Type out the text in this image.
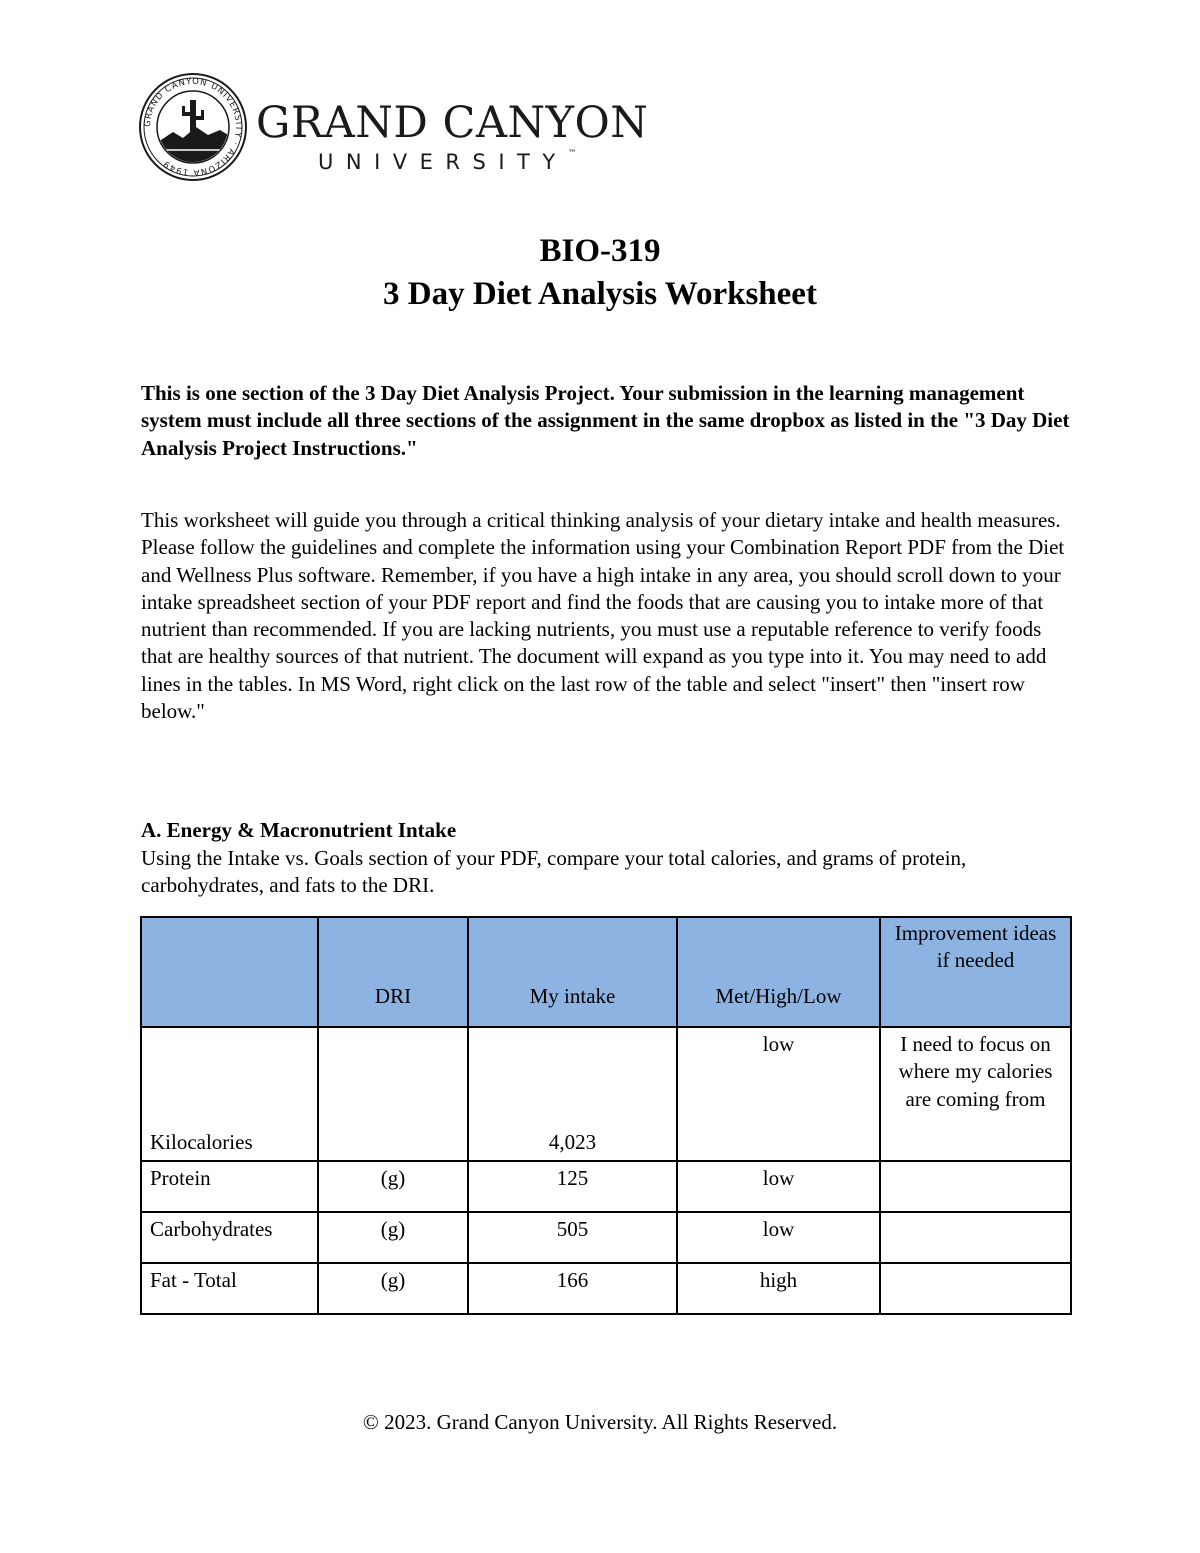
GRAND CANYON UNIVERSITY · ARIZONA 1949
GRAND CANYON
UNIVERSITY™
BIO-319
3 Day Diet Analysis Worksheet
This is one section of the 3 Day Diet Analysis Project. Your submission in the learning management system must include all three sections of the assignment in the same dropbox as listed in the "3 Day Diet Analysis Project Instructions."
This worksheet will guide you through a critical thinking analysis of your dietary intake and health measures. Please follow the guidelines and complete the information using your Combination Report PDF from the Diet and Wellness Plus software. Remember, if you have a high intake in any area, you should scroll down to your intake spreadsheet section of your PDF report and find the foods that are causing you to intake more of that nutrient than recommended. If you are lacking nutrients, you must use a reputable reference to verify foods that are healthy sources of that nutrient. The document will expand as you type into it. You may need to add lines in the tables. In MS Word, right click on the last row of the table and select "insert" then "insert row below."
A. Energy & Macronutrient Intake
Using the Intake vs. Goals section of your PDF, compare your total calories, and grams of protein, carbohydrates, and fats to the DRI.
	DRI	My intake	Met/High/Low	Improvement ideas if needed
Kilocalories		4,023	low	I need to focus on where my calories are coming from
Protein	(g)	125	low	
Carbohydrates	(g)	505	low	
Fat - Total	(g)	166	high	
© 2023. Grand Canyon University. All Rights Reserved.
